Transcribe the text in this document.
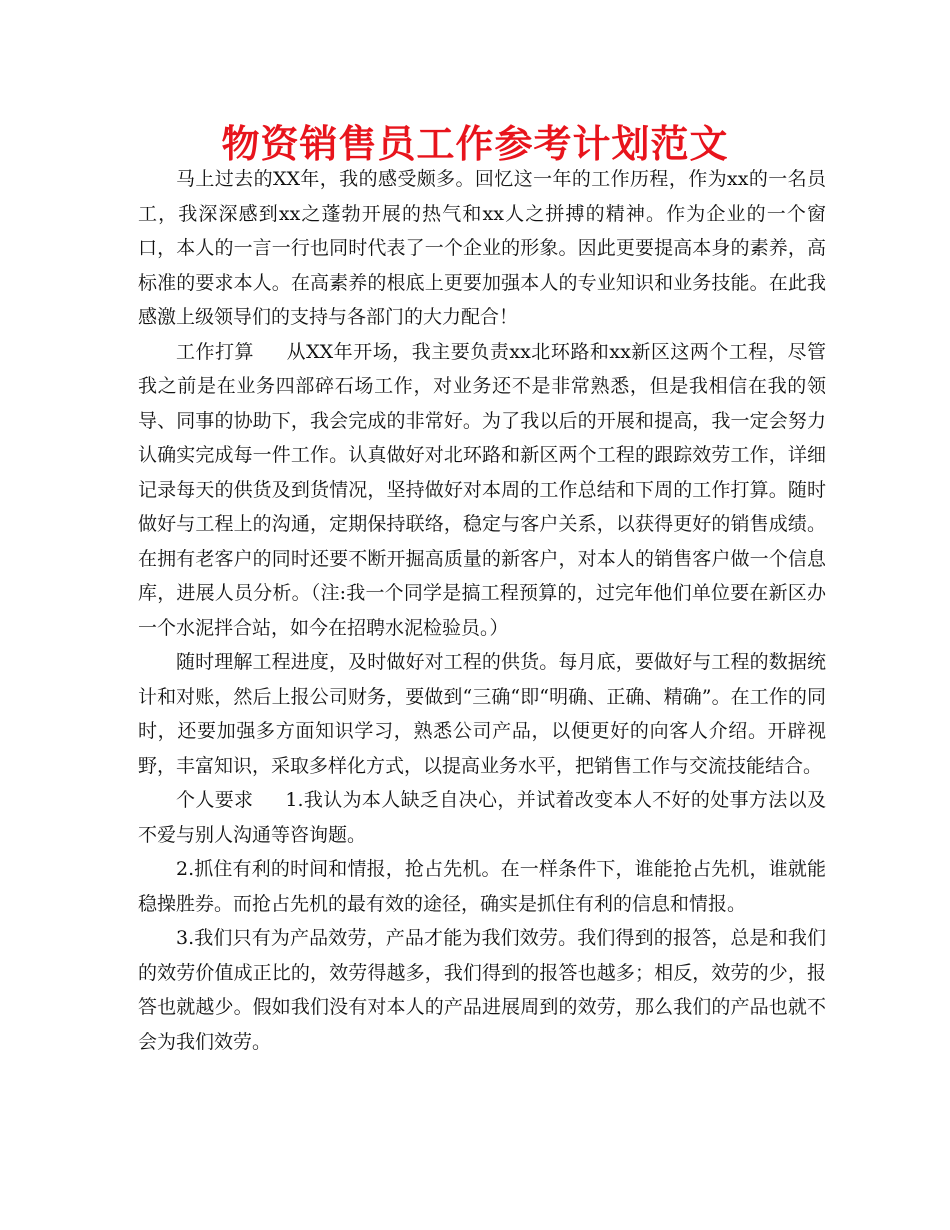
物资销售员工作参考计划范文

马上过去的XX年，我的感受颇多。回忆这一年的工作历程，作为xx的一名员工，我深深感到xx之蓬勃开展的热气和xx人之拼搏的精神。作为企业的一个窗口，本人的一言一行也同时代表了一个企业的形象。因此更要提高本身的素养，高标准的要求本人。在高素养的根底上更要加强本人的专业知识和业务技能。在此我感激上级领导们的支持与各部门的大力配合！

工作打算 从XX年开场，我主要负责xx北环路和xx新区这两个工程，尽管我之前是在业务四部碎石场工作，对业务还不是非常熟悉，但是我相信在我的领导、同事的协助下，我会完成的非常好。为了我以后的开展和提高，我一定会努力认确实完成每一件工作。认真做好对北环路和新区两个工程的跟踪效劳工作，详细记录每天的供货及到货情况，坚持做好对本周的工作总结和下周的工作打算。随时做好与工程上的沟通，定期保持联络，稳定与客户关系，以获得更好的销售成绩。在拥有老客户的同时还要不断开掘高质量的新客户，对本人的销售客户做一个信息库，进展人员分析。（注:我一个同学是搞工程预算的，过完年他们单位要在新区办一个水泥拌合站，如今在招聘水泥检验员。）

随时理解工程进度，及时做好对工程的供货。每月底，要做好与工程的数据统计和对账，然后上报公司财务，要做到“三确“即“明确、正确、精确”。在工作的同时，还要加强多方面知识学习，熟悉公司产品，以便更好的向客人介绍。开辟视野，丰富知识，采取多样化方式，以提高业务水平，把销售工作与交流技能结合。

个人要求 1.我认为本人缺乏自决心，并试着改变本人不好的处事方法以及不爱与别人沟通等咨询题。

2.抓住有利的时间和情报，抢占先机。在一样条件下，谁能抢占先机，谁就能稳操胜券。而抢占先机的最有效的途径，确实是抓住有利的信息和情报。

3.我们只有为产品效劳，产品才能为我们效劳。我们得到的报答，总是和我们的效劳价值成正比的，效劳得越多，我们得到的报答也越多；相反，效劳的少，报答也就越少。假如我们没有对本人的产品进展周到的效劳，那么我们的产品也就不会为我们效劳。
